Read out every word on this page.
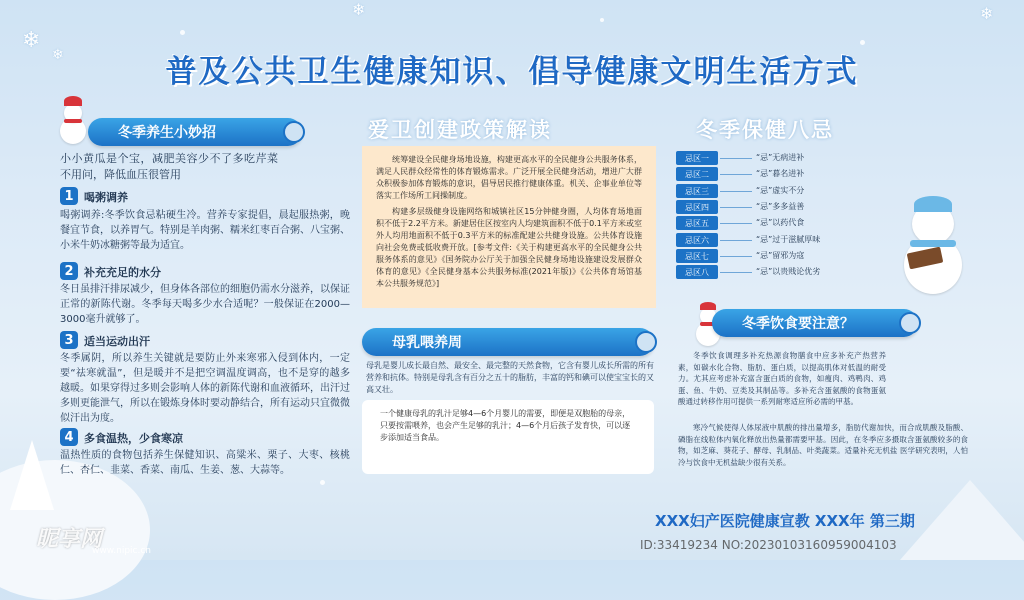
❄
❄
❄	❄
普及公共卫生健康知识、倡导健康文明生活方式
冬季养生小妙招
小小黄瓜是个宝，减肥美容少不了多吃芹菜不用问，降低血压很管用
1 喝粥调养
喝粥调养:冬季饮食忌粘硬生冷。营养专家提倡，晨起服热粥，晚餐宜节食，以养胃气。特别是羊肉粥、糯米红枣百合粥、八宝粥、小米牛奶冰糖粥等最为适宜。
2 补充充足的水分
冬日虽排汗排尿减少，但身体各部位的细胞仍需水分滋养，以保证正常的新陈代谢。冬季每天喝多少水合适呢？一般保证在2000—3000毫升就够了。
3 适当运动出汗
冬季属阴，所以养生关键就是要防止外来寒邪入侵到体内，一定要“祛寒就温”，但是暖并不是把空调温度调高，也不是穿的越多越暖。如果穿得过多则会影响人体的新陈代谢和血液循环，出汗过多则更能泄气，所以在锻炼身体时要动静结合，所有运动只宜微微似汗出为度。
4 多食温热，少食寒凉
温热性质的食物包括养生保健知识、高粱米、栗子、大枣、核桃仁、杏仁、韭菜、香菜、南瓜、生姜、葱、大蒜等。
爱卫创建政策解读

统筹建设全民健身场地设施，构建更高水平的全民健身公共服务体系，满足人民群众经常性的体育锻炼需求。广泛开展全民健身活动，增进广大群众积极参加体育锻炼的意识，倡导居民推行健康体重。机关、企事业单位等落实工作场所工间操制度。

构建多层级健身设施网络和城镇社区15分钟健身圈，人均体育场地面积不低于2.2平方米。新建居住区按室内人均建筑面积不低于0.1平方米或室外人均用地面积不低于0.3平方米的标准配建公共健身设施。公共体育设施向社会免费或低收费开放。[参考文件:《关于构建更高水平的全民健身公共服务体系的意见》《国务院办公厅关于加强全民健身场地设施建设发展群众体育的意见》《全民健身基本公共服务标准(2021年版)》《公共体育场馆基本公共服务规范》]

母乳喂养周
母乳是婴儿成长最自然、最安全、最完整的天然食物，它含有婴儿成长所需的所有营养和抗体。特别是母乳含有百分之五十的脂肪，丰富的钙和碘可以使宝宝长的又高又壮。
一个健康母乳的乳汁足够4—6个月婴儿的需要，即便是双胞胎的母亲，只要按需喂养，也会产生足够的乳汁；4—6个月后孩子发育快，可以逐步添加适当食品。
冬季保健八忌
忌区一	“忌”无病进补
忌区二	“忌”暮名进补
忌区三	“忌”虚实不分
忌区四	“忌”多多益善
忌区五	“忌”以药代食
忌区六	“忌”过于滋腻厚味
忌区七	“忌”留邪为寇
忌区八	“忌”以贵贱论优劣
冬季饮食要注意？
冬季饮食调理多补充热源食物膳食中应多补充产热营养素，如碳水化合物、脂肪、蛋白质，以提高肌体对低温的耐受力。尤其应考虑补充富含蛋白质的食物，如瘦肉、鸡鸭肉、鸡蛋、鱼、牛奶、豆类及其制品等。多补充含蛋氨酸的食物蛋氨酸通过转移作用可提供一系列耐寒适应所必需的甲基。
寒冷气候使得人体尿液中肌酸的排出量增多，脂肪代谢加快，而合成肌酸及脂酸、磷脂在线粒体内氧化释放出热量都需要甲基。因此，在冬季应多摄取含蛋氨酸较多的食物，如芝麻、葵花子、酵母、乳制品、叶类蔬菜。适量补充无机盐 医学研究表明，人怕冷与饮食中无机盐缺少很有关系。
XXX妇产医院健康宣教 XXX年 第三期
昵享网
www.nipic.cn	ID:33419234 NO:20230103160959004103
